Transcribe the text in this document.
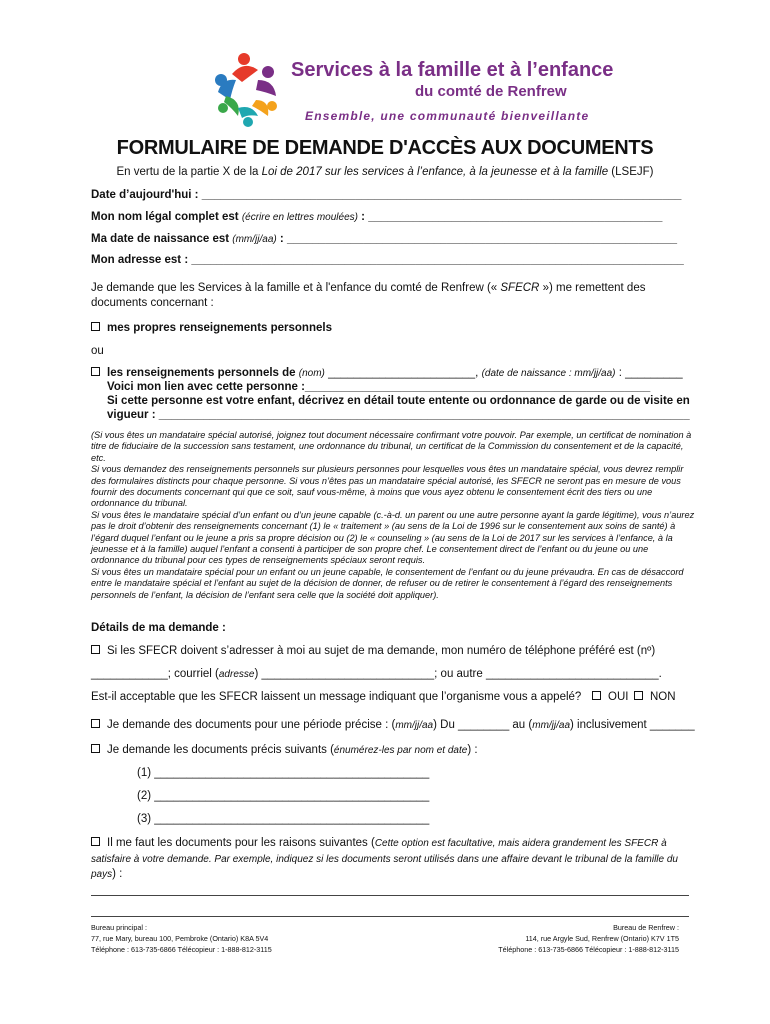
Services à la famille et à l’enfance
du comté de Renfrew
Ensemble, une communauté bienveillante
FORMULAIRE DE DEMANDE D'ACCÈS AUX DOCUMENTS
En vertu de la partie X de la Loi de 2017 sur les services à l’enfance, à la jeunesse et à la famille (LSEJF)
Date d’aujourd'hui : ___________________________________________________________________________
Mon nom légal complet est (écrire en lettres moulées) : ______________________________________________
Ma date de naissance est (mm/jj/aa) : _____________________________________________________________
Mon adresse est : _____________________________________________________________________________
Je demande que les Services à la famille et à l'enfance du comté de Renfrew (« SFECR ») me remettent des
documents concernant :
mes propres renseignements personnels
ou
les renseignements personnels de (nom) _______________________, (date de naissance : mm/jj/aa) : _________
Voici mon lien avec cette personne :______________________________________________________
Si cette personne est votre enfant, décrivez en détail toute entente ou ordonnance de garde ou de visite en
vigueur : ___________________________________________________________________________________
(Si vous êtes un mandataire spécial autorisé, joignez tout document nécessaire confirmant votre pouvoir. Par exemple, un certificat de nomination à titre de fiduciaire de la succession sans testament, une ordonnance du tribunal, un certificat de la Commission du consentement et de la capacité, etc.
Si vous demandez des renseignements personnels sur plusieurs personnes pour lesquelles vous êtes un mandataire spécial, vous devrez remplir des formulaires distincts pour chaque personne. Si vous n’êtes pas un mandataire spécial autorisé, les SFECR ne seront pas en mesure de vous fournir des documents concernant qui que ce soit, sauf vous-même, à moins que vous ayez obtenu le consentement écrit des tiers ou une ordonnance du tribunal.
Si vous êtes le mandataire spécial d’un enfant ou d’un jeune capable (c.-à-d. un parent ou une autre personne ayant la garde légitime), vous n’aurez pas le droit d’obtenir des renseignements concernant (1) le « traitement » (au sens de la Loi de 1996 sur le consentement aux soins de santé) à l’égard duquel l’enfant ou le jeune a pris sa propre décision ou (2) le « counseling » (au sens de la Loi de 2017 sur les services à l’enfance, à la jeunesse et à la famille) auquel l’enfant a consenti à participer de son propre chef. Le consentement direct de l’enfant ou du jeune ou une ordonnance du tribunal pour ces types de renseignements spéciaux seront requis.
Si vous êtes un mandataire spécial pour un enfant ou un jeune capable, le consentement de l’enfant ou du jeune prévaudra. En cas de désaccord entre le mandataire spécial et l’enfant au sujet de la décision de donner, de refuser ou de retirer le consentement à l’égard des renseignements personnels de l’enfant, la décision de l’enfant sera celle que la société doit appliquer).
Détails de ma demande :
Si les SFECR doivent s’adresser à moi au sujet de ma demande, mon numéro de téléphone préféré est (nº)
____________; courriel (adresse) ___________________________; ou autre ___________________________.
Est-il acceptable que les SFECR laissent un message indiquant que l’organisme vous a appelé?	OUI	NON
Je demande des documents pour une période précise : (mm/jj/aa) Du ________ au (mm/jj/aa) inclusivement _______
Je demande les documents précis suivants (énumérez-les par nom et date) :
(1) ___________________________________________
(2) ___________________________________________
(3) ___________________________________________
Il me faut les documents pour les raisons suivantes (Cette option est facultative, mais aidera grandement les SFECR à satisfaire à votre demande. Par exemple, indiquez si les documents seront utilisés dans une affaire devant le tribunal de la famille du pays) :
Bureau principal :
77, rue Mary, bureau 100, Pembroke (Ontario) K8A 5V4
Téléphone : 613-735-6866 Télécopieur : 1-888-812-3115
Bureau de Renfrew :
114, rue Argyle Sud, Renfrew (Ontario) K7V 1T5
Téléphone : 613-735-6866 Télécopieur : 1-888-812-3115
